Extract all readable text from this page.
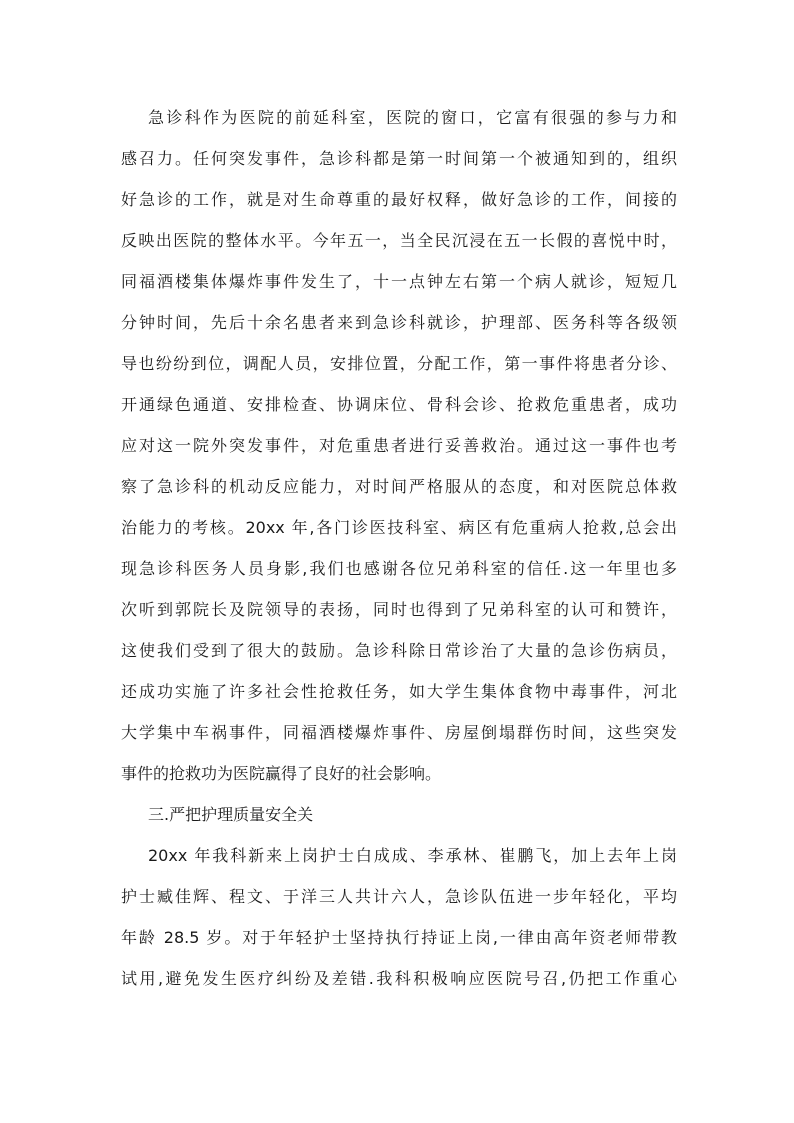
急诊科作为医院的前延科室，医院的窗口，它富有很强的参与力和
感召力。任何突发事件，急诊科都是第一时间第一个被通知到的，组织
好急诊的工作，就是对生命尊重的最好权释，做好急诊的工作，间接的
反映出医院的整体水平。今年五一，当全民沉浸在五一长假的喜悦中时，
同福酒楼集体爆炸事件发生了，十一点钟左右第一个病人就诊，短短几
分钟时间，先后十余名患者来到急诊科就诊，护理部、医务科等各级领
导也纷纷到位，调配人员，安排位置，分配工作，第一事件将患者分诊、
开通绿色通道、安排检查、协调床位、骨科会诊、抢救危重患者，成功
应对这一院外突发事件，对危重患者进行妥善救治。通过这一事件也考
察了急诊科的机动反应能力，对时间严格服从的态度，和对医院总体救
治能力的考核。20xx 年,各门诊医技科室、病区有危重病人抢救,总会出
现急诊科医务人员身影,我们也感谢各位兄弟科室的信任.这一年里也多
次听到郭院长及院领导的表扬，同时也得到了兄弟科室的认可和赞许，
这使我们受到了很大的鼓励。急诊科除日常诊治了大量的急诊伤病员，
还成功实施了许多社会性抢救任务，如大学生集体食物中毒事件，河北
大学集中车祸事件，同福酒楼爆炸事件、房屋倒塌群伤时间，这些突发
事件的抢救功为医院赢得了良好的社会影响。
三.严把护理质量安全关
20xx 年我科新来上岗护士白成成、李承林、崔鹏飞，加上去年上岗
护士臧佳辉、程文、于洋三人共计六人，急诊队伍进一步年轻化，平均
年龄 28.5 岁。对于年轻护士坚持执行持证上岗,一律由高年资老师带教
试用,避免发生医疗纠纷及差错.我科积极响应医院号召,仍把工作重心
